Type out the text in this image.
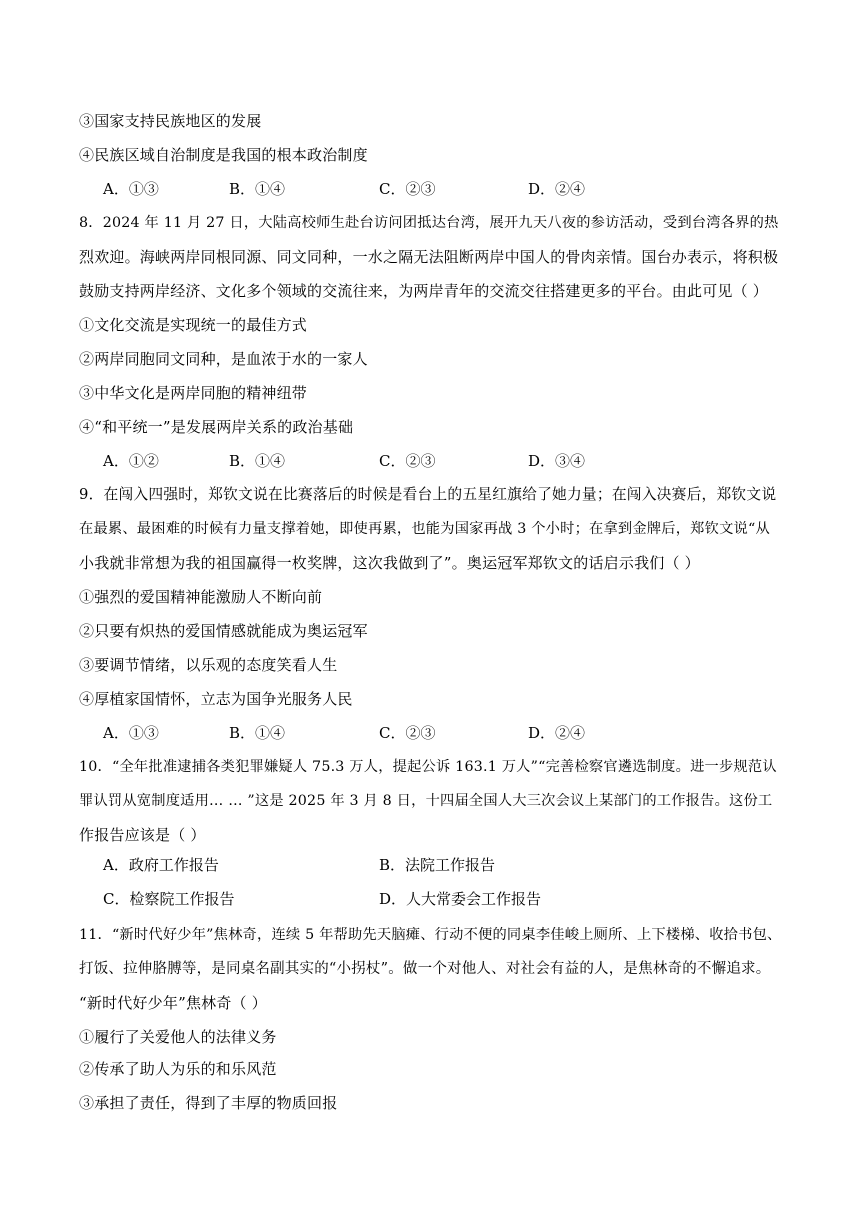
③国家支持民族地区的发展
④民族区域自治制度是我国的根本政治制度
A．①③	B．①④	C．②③	D．②④
8．2024 年 11 月 27 日，大陆高校师生赴台访问团抵达台湾，展开九天八夜的参访活动，受到台湾各界的热
烈欢迎。海峡两岸同根同源、同文同种，一水之隔无法阻断两岸中国人的骨肉亲情。国台办表示，将积极
鼓励支持两岸经济、文化多个领域的交流往来，为两岸青年的交流交往搭建更多的平台。由此可见（ ）
①文化交流是实现统一的最佳方式
②两岸同胞同文同种，是血浓于水的一家人
③中华文化是两岸同胞的精神纽带
④“和平统一”是发展两岸关系的政治基础
A．①②	B．①④	C．②③	D．③④
9．在闯入四强时，郑钦文说在比赛落后的时候是看台上的五星红旗给了她力量；在闯入决赛后，郑钦文说
在最累、最困难的时候有力量支撑着她，即使再累，也能为国家再战 3 个小时；在拿到金牌后，郑钦文说“从
小我就非常想为我的祖国赢得一枚奖牌，这次我做到了”。奥运冠军郑钦文的话启示我们（ ）
①强烈的爱国精神能激励人不断向前
②只要有炽热的爱国情感就能成为奥运冠军
③要调节情绪，以乐观的态度笑看人生
④厚植家国情怀，立志为国争光服务人民
A．①③	B．①④	C．②③	D．②④
10．“全年批准逮捕各类犯罪嫌疑人 75.3 万人，提起公诉 163.1 万人”“完善检察官遴选制度。进一步规范认
罪认罚从宽制度适用… … ”这是 2025 年 3 月 8 日，十四届全国人大三次会议上某部门的工作报告。这份工
作报告应该是（ ）
A．政府工作报告	B．法院工作报告
C．检察院工作报告	D．人大常委会工作报告
11．“新时代好少年”焦林奇，连续 5 年帮助先天脑瘫、行动不便的同桌李佳峻上厕所、上下楼梯、收拾书包、
打饭、拉伸胳膊等，是同桌名副其实的“小拐杖”。做一个对他人、对社会有益的人，是焦林奇的不懈追求。
“新时代好少年”焦林奇（ ）
①履行了关爱他人的法律义务
②传承了助人为乐的和乐风范
③承担了责任，得到了丰厚的物质回报
